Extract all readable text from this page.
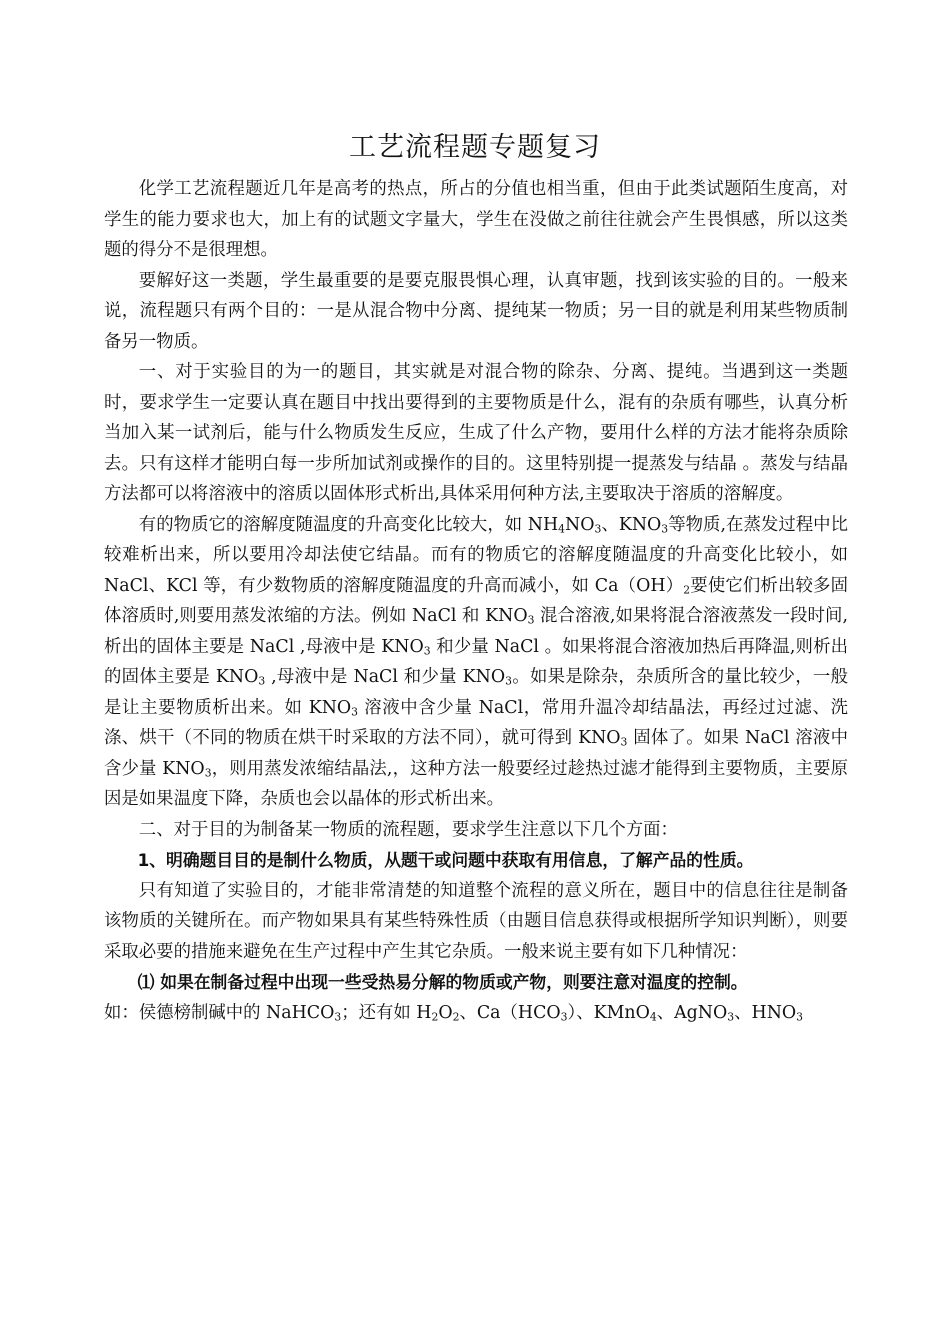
工艺流程题专题复习

化学工艺流程题近几年是高考的热点，所占的分值也相当重，但由于此类试题陌生度高，对学生的能力要求也大，加上有的试题文字量大，学生在没做之前往往就会产生畏惧感，所以这类题的得分不是很理想。

要解好这一类题，学生最重要的是要克服畏惧心理，认真审题，找到该实验的目的。一般来说，流程题只有两个目的：一是从混合物中分离、提纯某一物质；另一目的就是利用某些物质制备另一物质。

一、对于实验目的为一的题目，其实就是对混合物的除杂、分离、提纯。当遇到这一类题时，要求学生一定要认真在题目中找出要得到的主要物质是什么，混有的杂质有哪些，认真分析当加入某一试剂后，能与什么物质发生反应，生成了什么产物，要用什么样的方法才能将杂质除去。只有这样才能明白每一步所加试剂或操作的目的。这里特别提一提蒸发与结晶 。蒸发与结晶方法都可以将溶液中的溶质以固体形式析出,具体采用何种方法,主要取决于溶质的溶解度。

有的物质它的溶解度随温度的升高变化比较大，如 $NH_4NO_3$、$KNO_3$等物质,在蒸发过程中比较难析出来，所以要用冷却法使它结晶。而有的物质它的溶解度随温度的升高变化比较小，如 NaCl、KCl 等，有少数物质的溶解度随温度的升高而减小，如 $Ca(OH)_2$要使它们析出较多固体溶质时,则要用蒸发浓缩的方法。例如 NaCl 和 $KNO_3$ 混合溶液,如果将混合溶液蒸发一段时间,析出的固体主要是 NaCl ,母液中是 $KNO_3$ 和少量 NaCl 。如果将混合溶液加热后再降温,则析出的固体主要是 $KNO_3$ ,母液中是 NaCl 和少量 $KNO_3$。如果是除杂，杂质所含的量比较少，一般是让主要物质析出来。如 $KNO_3$ 溶液中含少量 NaCl，常用升温冷却结晶法，再经过过滤、洗涤、烘干（不同的物质在烘干时采取的方法不同），就可得到 $KNO_3$ 固体了。如果 NaCl 溶液中含少量 $KNO_3$，则用蒸发浓缩结晶法,，这种方法一般要经过趁热过滤才能得到主要物质，主要原因是如果温度下降，杂质也会以晶体的形式析出来。

二、对于目的为制备某一物质的流程题，要求学生注意以下几个方面：

1、明确题目目的是制什么物质，从题干或问题中获取有用信息，了解产品的性质。

只有知道了实验目的，才能非常清楚的知道整个流程的意义所在，题目中的信息往往是制备该物质的关键所在。而产物如果具有某些特殊性质（由题目信息获得或根据所学知识判断），则要采取必要的措施来避免在生产过程中产生其它杂质。一般来说主要有如下几种情况：

⑴ 如果在制备过程中出现一些受热易分解的物质或产物，则要注意对温度的控制。

如：侯德榜制碱中的 NaHCO$_3$；还有如 $H_2O_2$、$Ca(HCO_3)$、KMnO$_4$、AgNO$_3$、$HNO_3$
